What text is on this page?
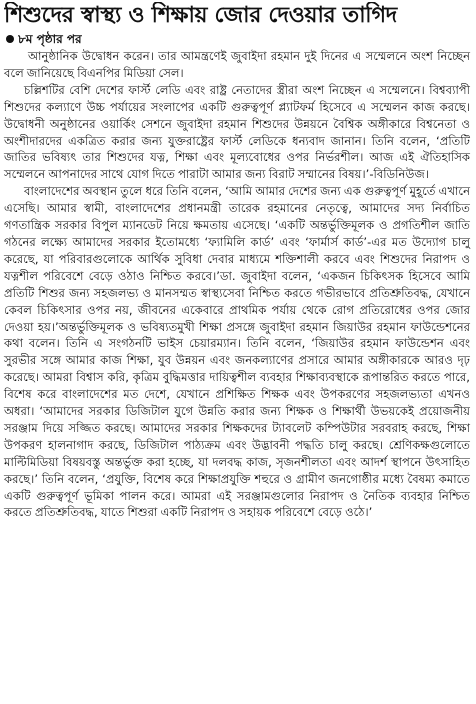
শিশুদের স্বাস্থ্য ও শিক্ষায় জোর দেওয়ার তাগিদ
৮ম পৃষ্ঠার পর

আনুষ্ঠানিক উদ্বোধন করেন। তার আমন্ত্রণেই জুবাইদা রহমান দুই দিনের এ সম্মেলনে অংশ নিচ্ছেন বলে জানিয়েছে বিএনপির মিডিয়া সেল।

চল্লিশটির বেশি দেশের ফার্স্ট লেডি এবং রাষ্ট্র নেতাদের স্ত্রীরা অংশ নিচ্ছেন এ সম্মেলনে। বিশ্বব্যাপী শিশুদের কল্যাণে উচ্চ পর্যায়ের সংলাপের একটি গুরুত্বপূর্ণ প্ল্যাটফর্ম হিসেবে এ সম্মেলন কাজ করছে। উদ্বোধনী অনুষ্ঠানের ওয়ার্কিং সেশনে জুবাইদা রহমান শিশুদের উন্নয়নে বৈশ্বিক অঙ্গীকারে বিশ্বনেতা ও অংশীদারদের একত্রিত করার জন্য যুক্তরাষ্ট্রের ফার্স্ট লেডিকে ধন্যবাদ জানান। তিনি বলেন, ‘প্রতিটি জাতির ভবিষ্যৎ তার শিশুদের যত্ন, শিক্ষা এবং মূল্যবোধের ওপর নির্ভরশীল। আজ এই ঐতিহাসিক সম্মেলনে আপনাদের সাথে যোগ দিতে পারাটা আমার জন্য বিরাট সম্মানের বিষয়।’-বিডিনিউজ।

বাংলাদেশের অবস্থান তুলে ধরে তিনি বলেন, ‘আমি আমার দেশের জন্য এক গুরুত্বপূর্ণ মুহূর্তে এখানে এসেছি। আমার স্বামী, বাংলাদেশের প্রধানমন্ত্রী তারেক রহমানের নেতৃত্বে, আমাদের সদ্য নির্বাচিত গণতান্ত্রিক সরকার বিপুল ম্যানডেট নিয়ে ক্ষমতায় এসেছে। ‘একটি অন্তর্ভুক্তিমূলক ও প্রগতিশীল জাতি গঠনের লক্ষ্যে আমাদের সরকার ইতোমধ্যে ‘ফ্যামিলি কার্ড’ এবং ‘ফার্মার্স কার্ড’-এর মত উদ্যোগ চালু করেছে, যা পরিবারগুলোকে আর্থিক সুবিধা দেবার মাধ্যমে শক্তিশালী করবে এবং শিশুদের নিরাপদ ও যত্নশীল পরিবেশে বেড়ে ওঠাও নিশ্চিত করবে।’ডা. জুবাইদা বলেন, ‘একজন চিকিৎসক হিসেবে আমি প্রতিটি শিশুর জন্য সহজলভ্য ও মানসম্মত স্বাস্থ্যসেবা নিশ্চিত করতে গভীরভাবে প্রতিশ্রুতিবদ্ধ, যেখানে কেবল চিকিৎসার ওপর নয়, জীবনের একেবারে প্রাথমিক পর্যায় থেকে রোগ প্রতিরোধের ওপর জোর দেওয়া হয়।’অন্তর্ভুক্তিমূলক ও ভবিষ্যতমুখী শিক্ষা প্রসঙ্গে জুবাইদা রহমান জিয়াউর রহমান ফাউন্ডেশনের কথা বলেন। তিনি এ সংগঠনটি ভাইস চেয়ারম্যান। তিনি বলেন, ‘জিয়াউর রহমান ফাউন্ডেশন এবং সুরভীর সঙ্গে আমার কাজ শিক্ষা, যুব উন্নয়ন এবং জনকল্যাণের প্রসারে আমার অঙ্গীকারকে আরও দৃঢ় করেছে। আমরা বিশ্বাস করি, কৃত্রিম বুদ্ধিমত্তার দায়িত্বশীল ব্যবহার শিক্ষাব্যবস্থাকে রূপান্তরিত করতে পারে, বিশেষ করে বাংলাদেশের মত দেশে, যেখানে প্রশিক্ষিত শিক্ষক এবং উপকরণের সহজলভ্যতা এখনও অধরা। ‘আমাদের সরকার ডিজিটাল যুগে উন্নতি করার জন্য শিক্ষক ও শিক্ষার্থী উভয়কেই প্রয়োজনীয় সরঞ্জাম দিয়ে সজ্জিত করছে। আমাদের সরকার শিক্ষকদের ট্যাবলেট কম্পিউটার সরবরাহ করছে, শিক্ষা উপকরণ হালনাগাদ করছে, ডিজিটাল পাঠ্যক্রম এবং উদ্ভাবনী পদ্ধতি চালু করছে। শ্রেণিকক্ষগুলোতে মাল্টিমিডিয়া বিষয়বস্তু অন্তর্ভুক্ত করা হচ্ছে, যা দলবদ্ধ কাজ, সৃজনশীলতা এবং আদর্শ স্থাপনে উৎসাহিত করছে।’ তিনি বলেন, ‘প্রযুক্তি, বিশেষ করে শিক্ষাপ্রযুক্তি শহুরে ও গ্রামীণ জনগোষ্ঠীর মধ্যে বৈষম্য কমাতে একটি গুরুত্বপূর্ণ ভূমিকা পালন করে। আমরা এই সরঞ্জামগুলোর নিরাপদ ও নৈতিক ব্যবহার নিশ্চিত করতে প্রতিশ্রুতিবদ্ধ, যাতে শিশুরা একটি নিরাপদ ও সহায়ক পরিবেশে বেড়ে ওঠে।’
